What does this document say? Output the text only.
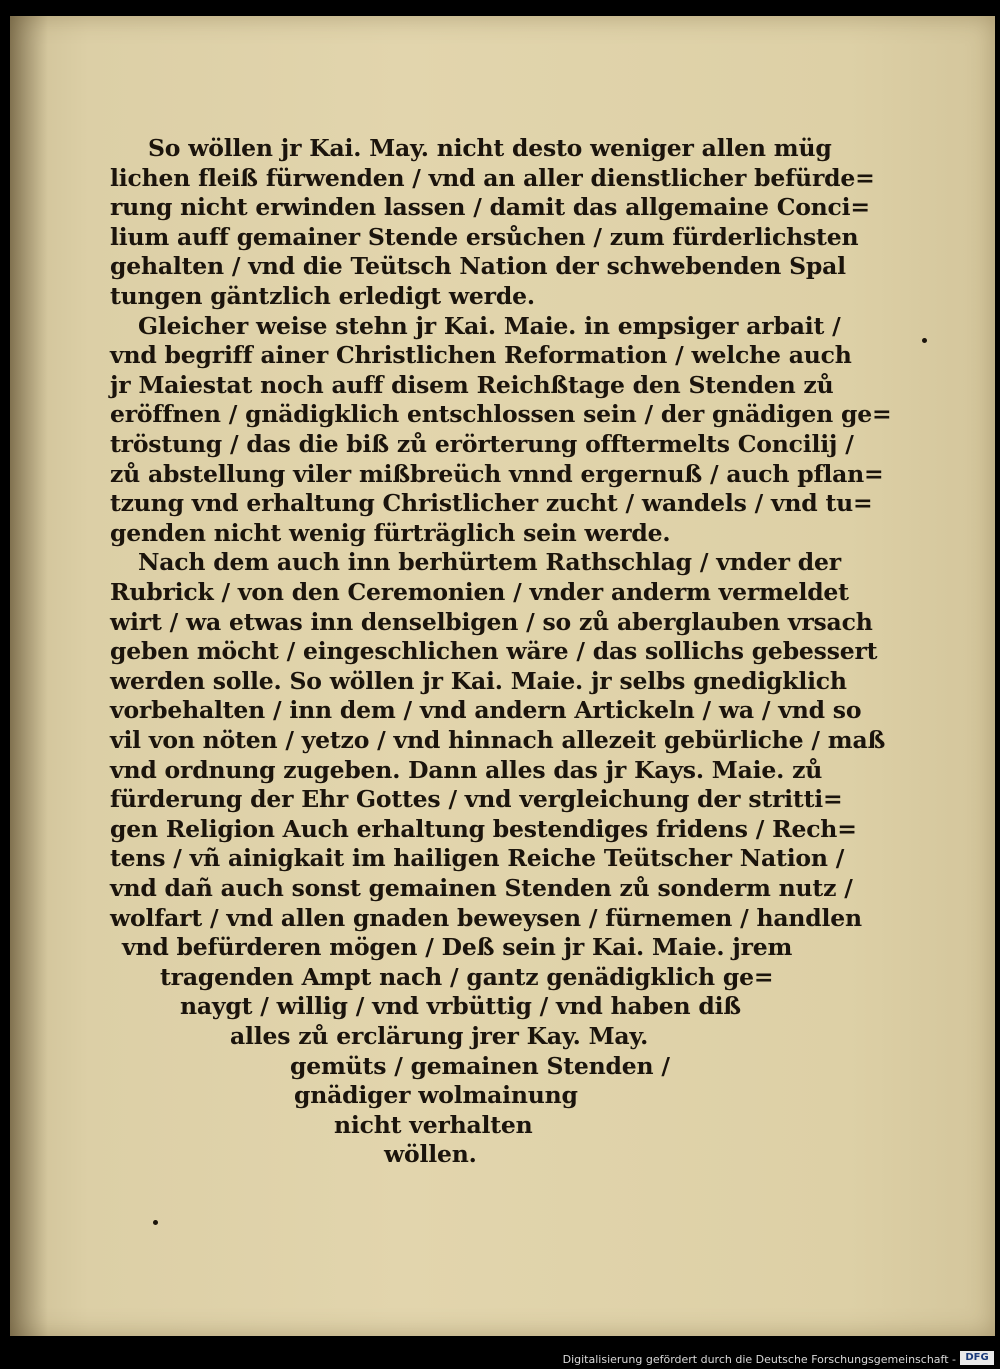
So wöllen jr Kai. May. nicht desto weniger allen müg
lichen fleiß fürwenden / vnd an aller dienstlicher befürde=
rung nicht erwinden lassen / damit das allgemaine Conci=
lium auff gemainer Stende ersůchen / zum fürderlichsten
gehalten / vnd die Teütsch Nation der schwebenden Spal
tungen gäntzlich erledigt werde.
Gleicher weise stehn jr Kai. Maie. in empsiger arbait /
vnd begriff ainer Christlichen Reformation / welche auch
jr Maiestat noch auff disem Reichßtage den Stenden zů
eröffnen / gnädigklich entschlossen sein / der gnädigen ge=
tröstung / das die biß zů erörterung offtermelts Concilij /
zů abstellung viler mißbreüch vnnd ergernuß / auch pflan=
tzung vnd erhaltung Christlicher zucht / wandels / vnd tu=
genden nicht wenig fürträglich sein werde.
Nach dem auch inn berhürtem Rathschlag / vnder der
Rubrick / von den Ceremonien / vnder anderm vermeldet
wirt / wa etwas inn denselbigen / so zů aberglauben vrsach
geben möcht / eingeschlichen wäre / das sollichs gebessert
werden solle. So wöllen jr Kai. Maie. jr selbs gnedigklich
vorbehalten / inn dem / vnd andern Artickeln / wa / vnd so
vil von nöten / yetzo / vnd hinnach allezeit gebürliche / maß
vnd ordnung zugeben. Dann alles das jr Kays. Maie. zů
fürderung der Ehr Gottes / vnd vergleichung der stritti=
gen Religion Auch erhaltung bestendiges fridens / Rech=
tens / vñ ainigkait im hailigen Reiche Teütscher Nation /
vnd dañ auch sonst gemainen Stenden zů sonderm nutz /
wolfart / vnd allen gnaden beweysen / fürnemen / handlen
vnd befürderen mögen / Deß sein jr Kai. Maie. jrem
tragenden Ampt nach / gantz genädigklich ge=
naygt / willig / vnd vrbüttig / vnd haben diß
alles zů erclärung jrer Kay. May.
gemüts / gemainen Stenden /
gnädiger wolmainung
nicht verhalten
wöllen.
Digitalisierung gefördert durch die Deutsche Forschungsgemeinschaft - DFG
